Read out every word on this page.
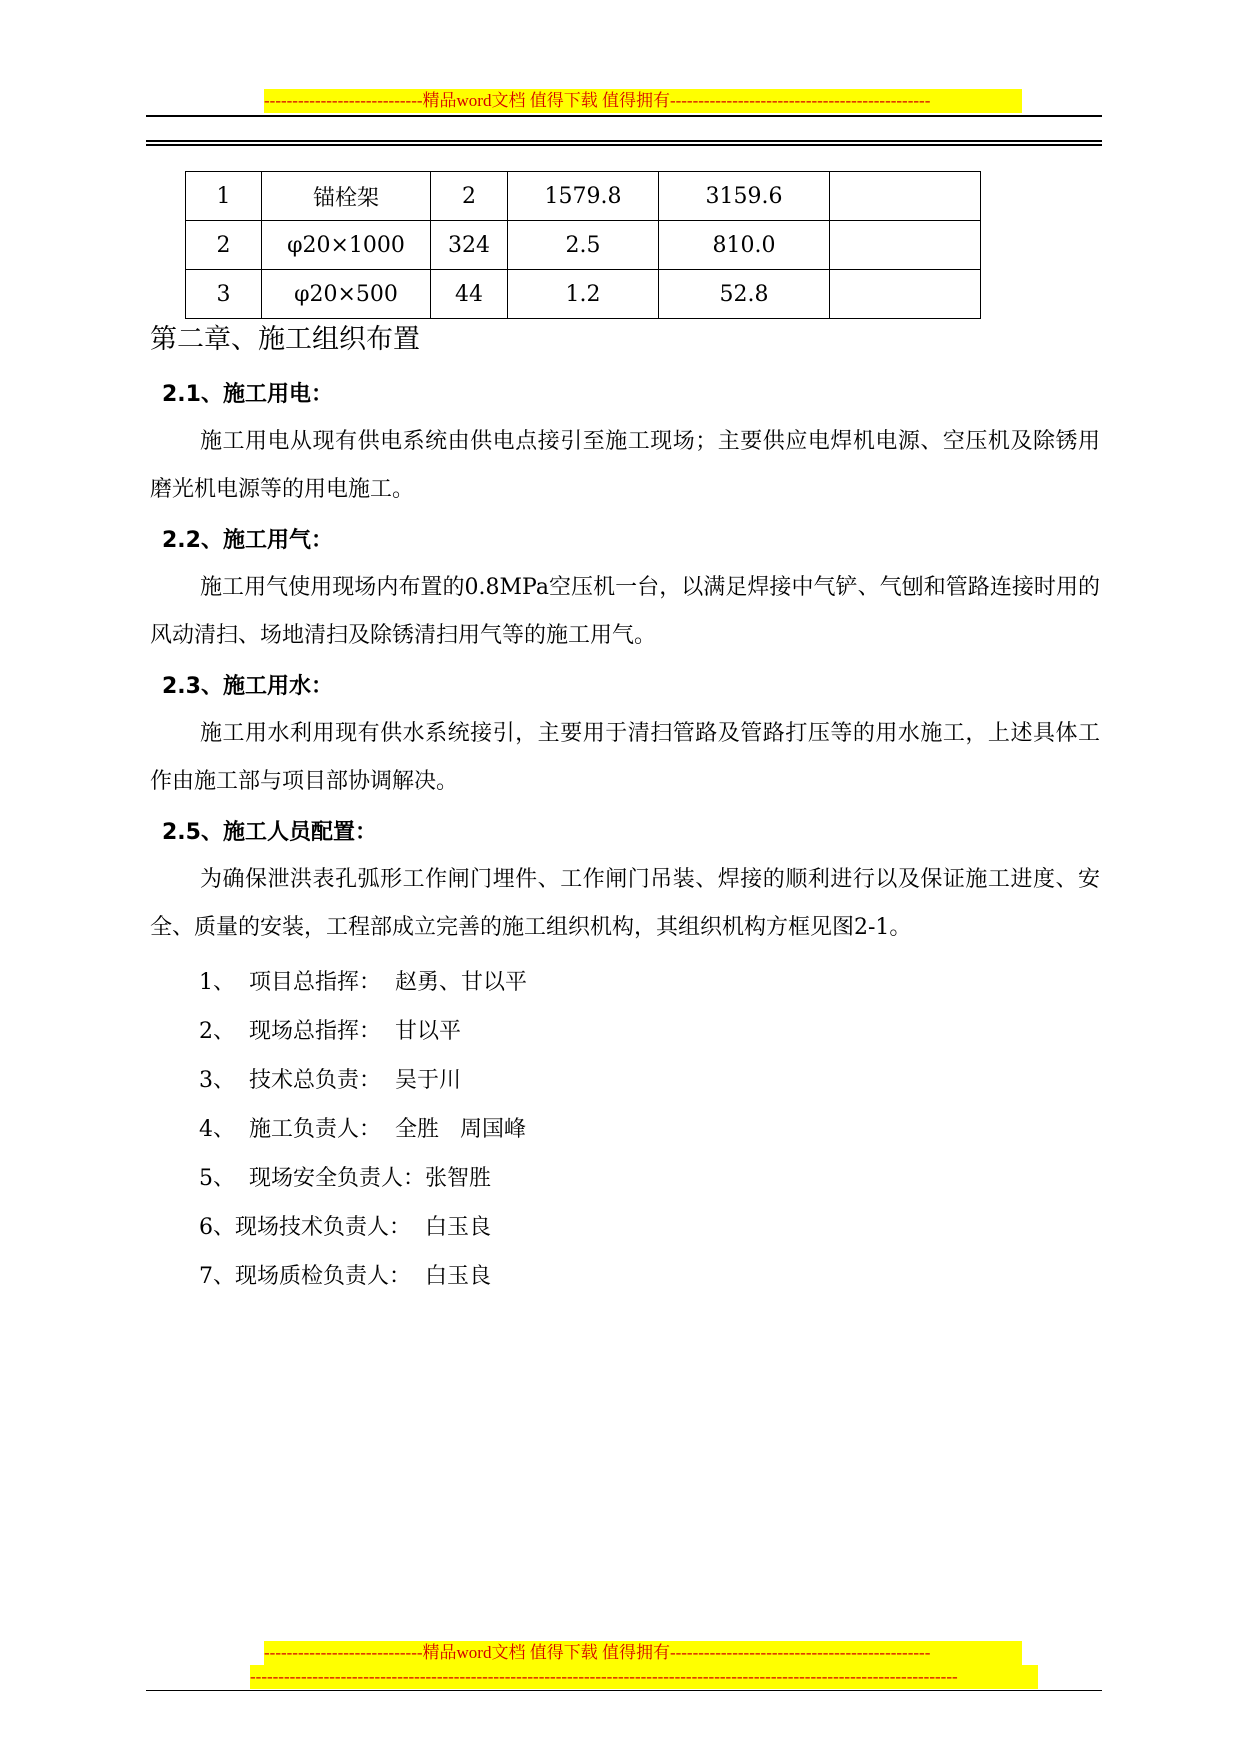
----------------------------精品word文档 值得下载 值得拥有----------------------------------------------
1	锚栓架	2	1579.8	3159.6	
2	φ20×1000	324	2.5	810.0	
3	φ20×500	44	1.2	52.8	
第二章、施工组织布置
2.1、施工用电：

施工用电从现有供电系统由供电点接引至施工现场；主要供应电焊机电源、空压机及除锈用磨光机电源等的用电施工。

2.2、施工用气：

施工用气使用现场内布置的0.8MPa空压机一台，以满足焊接中气铲、气刨和管路连接时用的风动清扫、场地清扫及除锈清扫用气等的施工用气。

2.3、施工用水：

施工用水利用现有供水系统接引，主要用于清扫管路及管路打压等的用水施工，上述具体工作由施工部与项目部协调解决。

2.5、施工人员配置：

为确保泄洪表孔弧形工作闸门埋件、工作闸门吊装、焊接的顺利进行以及保证施工进度、安全、质量的安装，工程部成立完善的施工组织机构，其组织机构方框见图2-1。

1、  项目总指挥：  赵勇、甘以平
2、  现场总指挥：  甘以平
3、  技术总负责：  吴于川
4、  施工负责人：  全胜   周国峰
5、  现场安全负责人：张智胜
6、现场技术负责人：  白玉良
7、现场质检负责人：  白玉良
----------------------------精品word文档 值得下载 值得拥有----------------------------------------------
-----------------------------------------------------------------------------------------------------------------------------
